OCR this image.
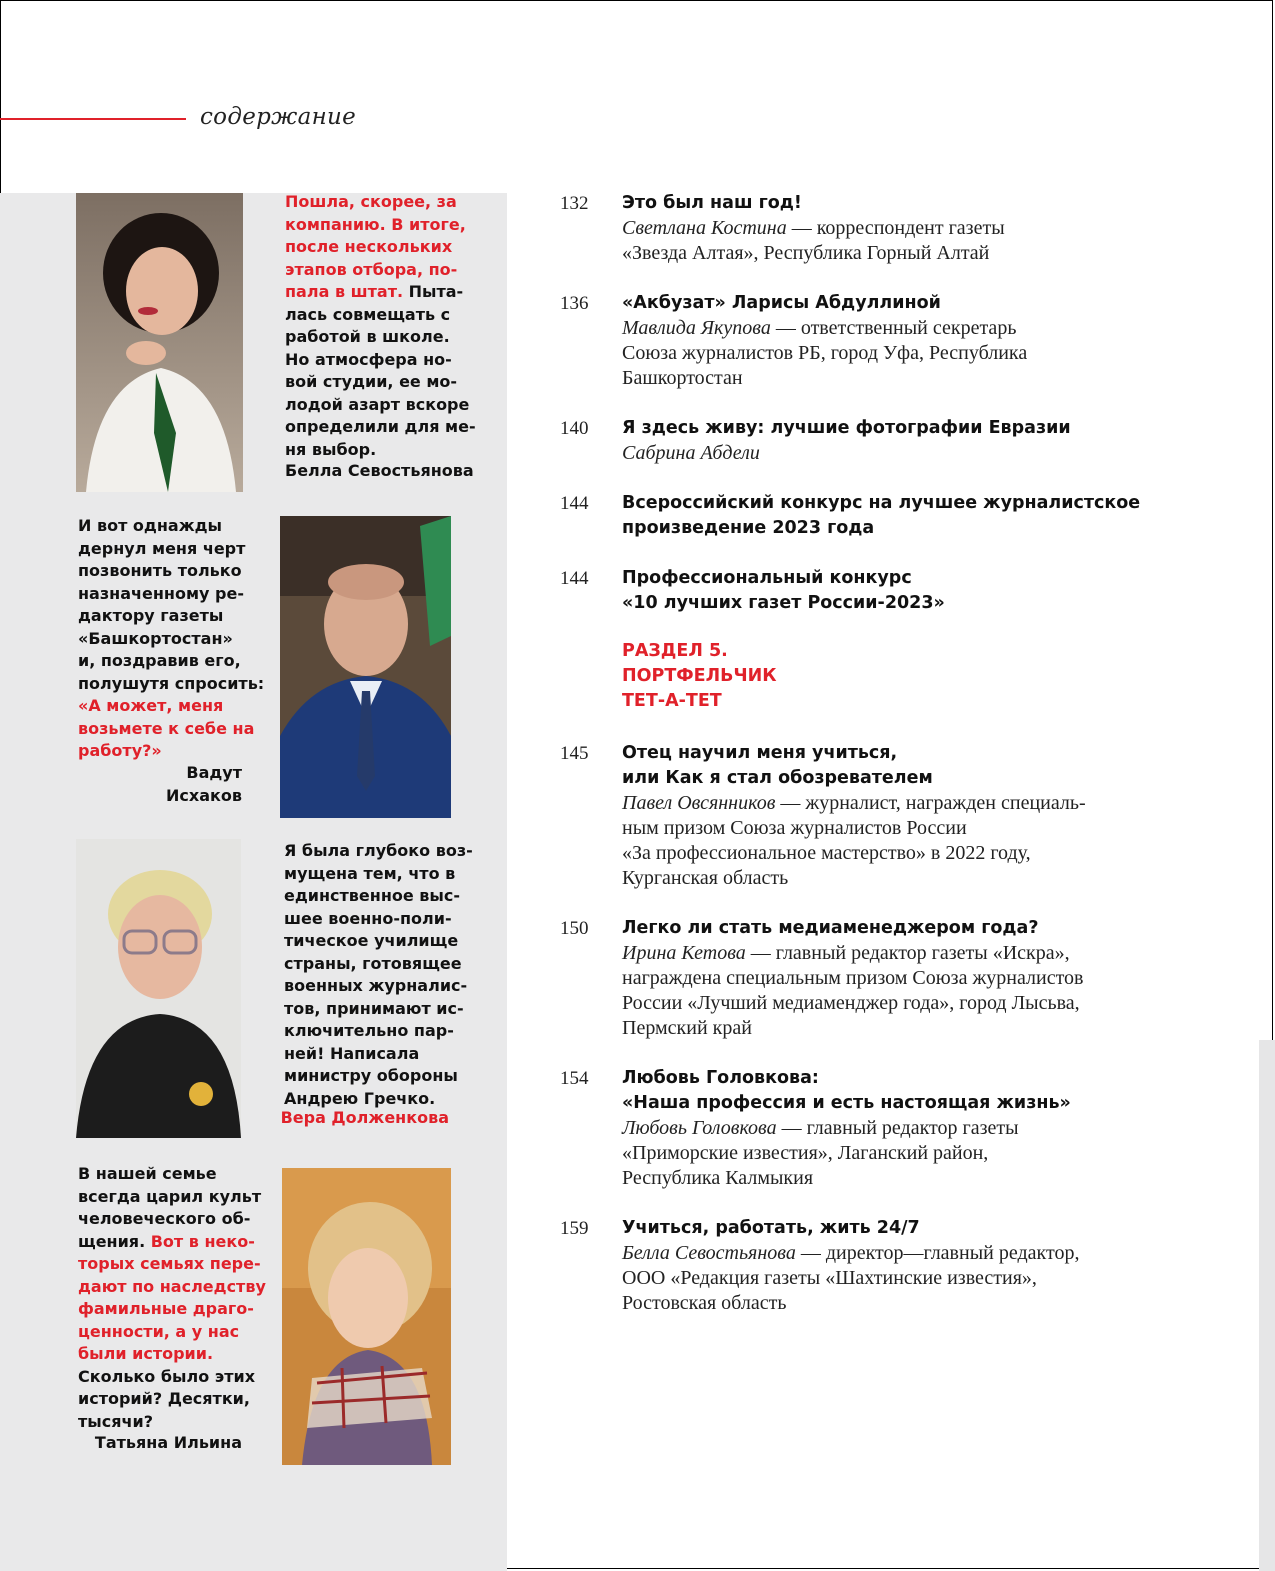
содержание
Пошла, скорее, за
компанию. В итоге,
после нескольких
этапов отбора, по-
пала в штат. Пыта-
лась совмещать с
работой в школе.
Но атмосфера но-
вой студии, ее мо-
лодой азарт вскоре
определили для ме-
ня выбор.
Белла Севостьянова
И вот однажды
дернул меня черт
позвонить только
назначенному ре-
дактору газеты
«Башкортостан»
и, поздравив его,
полушутя спросить:
«А может, меня
возьмете к себе на
работу?»
Вадут
Исхаков
Я была глубоко воз-
мущена тем, что в
единственное выс-
шее военно-поли-
тическое училище
страны, готовящее
военных журналис-
тов, принимают ис-
ключительно пар-
ней! Написала
министру обороны
Андрею Гречко.
Вера Долженкова
В нашей семье
всегда царил культ
человеческого об-
щения. Вот в неко-
торых семьях пере-
дают по наследству
фамильные драго-
ценности, а у нас
были истории.
Сколько было этих
историй? Десятки,
тысячи?
Татьяна Ильина
132	Это был наш год!
Светлана Костина — корреспондент газеты
«Звезда Алтая», Республика Горный Алтай
136	«Акбузат» Ларисы Абдуллиной
Мавлида Якупова — ответственный секретарь
Союза журналистов РБ, город Уфа, Республика
Башкортостан
140	Я здесь живу: лучшие фотографии Евразии
Сабрина Абдели
144	Всероссийский конкурс на лучшее журналистское
произведение 2023 года
144	Профессиональный конкурс
«10 лучших газет России-2023»
РАЗДЕЛ 5.
ПОРТФЕЛЬЧИК
ТЕТ-А-ТЕТ
145	Отец научил меня учиться,
или Как я стал обозревателем
Павел Овсянников — журналист, награжден специаль-
ным призом Союза журналистов России
«За профессиональное мастерство» в 2022 году,
Курганская область
150	Легко ли стать медиаменеджером года?
Ирина Кетова — главный редактор газеты «Искра»,
награждена специальным призом Союза журналистов
России «Лучший медиаменджер года», город Лысьва,
Пермский край
154	Любовь Головкова:
«Наша профессия и есть настоящая жизнь»
Любовь Головкова — главный редактор газеты
«Приморские известия», Лаганский район,
Республика Калмыкия
159	Учиться, работать, жить 24/7
Белла Севостьянова — директор—главный редактор,
ООО «Редакция газеты «Шахтинские известия»,
Ростовская область
